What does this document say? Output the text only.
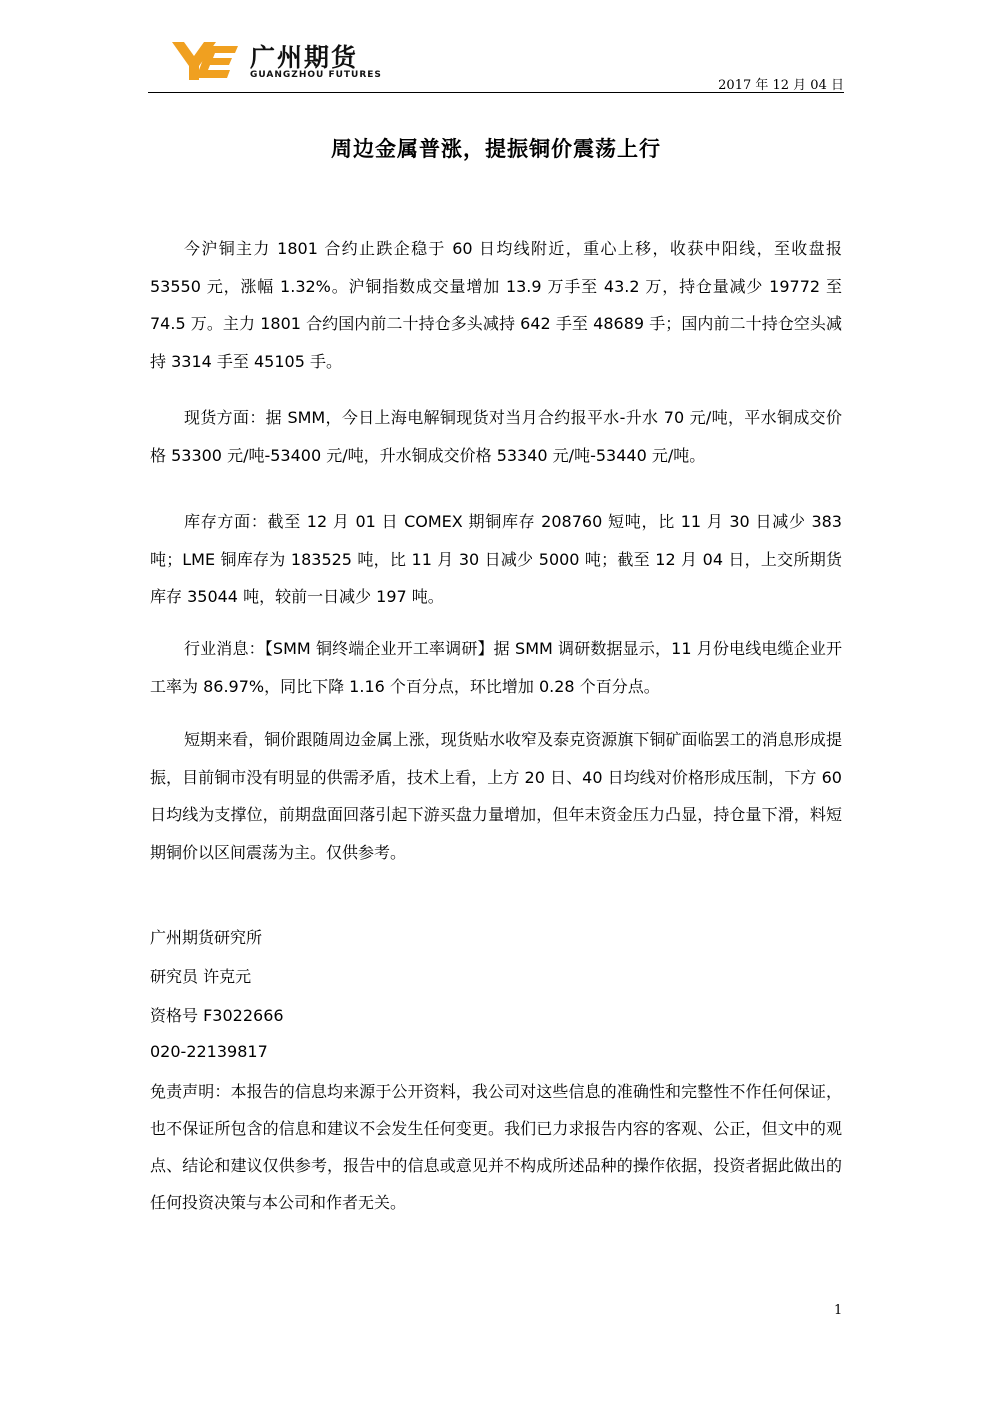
广州期货
GUANGZHOU FUTURES
2017 年 12 月 04 日
周边金属普涨，提振铜价震荡上行
今沪铜主力 1801 合约止跌企稳于 60 日均线附近，重心上移，收获中阳线，至收盘报 53550 元，涨幅 1.32%。沪铜指数成交量增加 13.9 万手至 43.2 万，持仓量减少 19772 至 74.5 万。主力 1801 合约国内前二十持仓多头减持 642 手至 48689 手；国内前二十持仓空头减持 3314 手至 45105 手。
现货方面：据 SMM，今日上海电解铜现货对当月合约报平水-升水 70 元/吨，平水铜成交价格 53300 元/吨-53400 元/吨，升水铜成交价格 53340 元/吨-53440 元/吨。
库存方面：截至 12 月 01 日 COMEX 期铜库存 208760 短吨，比 11 月 30 日减少 383 吨；LME 铜库存为 183525 吨，比 11 月 30 日减少 5000 吨；截至 12 月 04 日，上交所期货库存 35044 吨，较前一日减少 197 吨。
行业消息：【SMM 铜终端企业开工率调研】据 SMM 调研数据显示，11 月份电线电缆企业开工率为 86.97%，同比下降 1.16 个百分点，环比增加 0.28 个百分点。
短期来看，铜价跟随周边金属上涨，现货贴水收窄及泰克资源旗下铜矿面临罢工的消息形成提振，目前铜市没有明显的供需矛盾，技术上看，上方 20 日、40 日均线对价格形成压制，下方 60 日均线为支撑位，前期盘面回落引起下游买盘力量增加，但年末资金压力凸显，持仓量下滑，料短期铜价以区间震荡为主。仅供参考。
广州期货研究所
研究员 许克元
资格号 F3022666
020-22139817
免责声明：本报告的信息均来源于公开资料，我公司对这些信息的准确性和完整性不作任何保证，也不保证所包含的信息和建议不会发生任何变更。我们已力求报告内容的客观、公正，但文中的观点、结论和建议仅供参考，报告中的信息或意见并不构成所述品种的操作依据，投资者据此做出的任何投资决策与本公司和作者无关。
1
